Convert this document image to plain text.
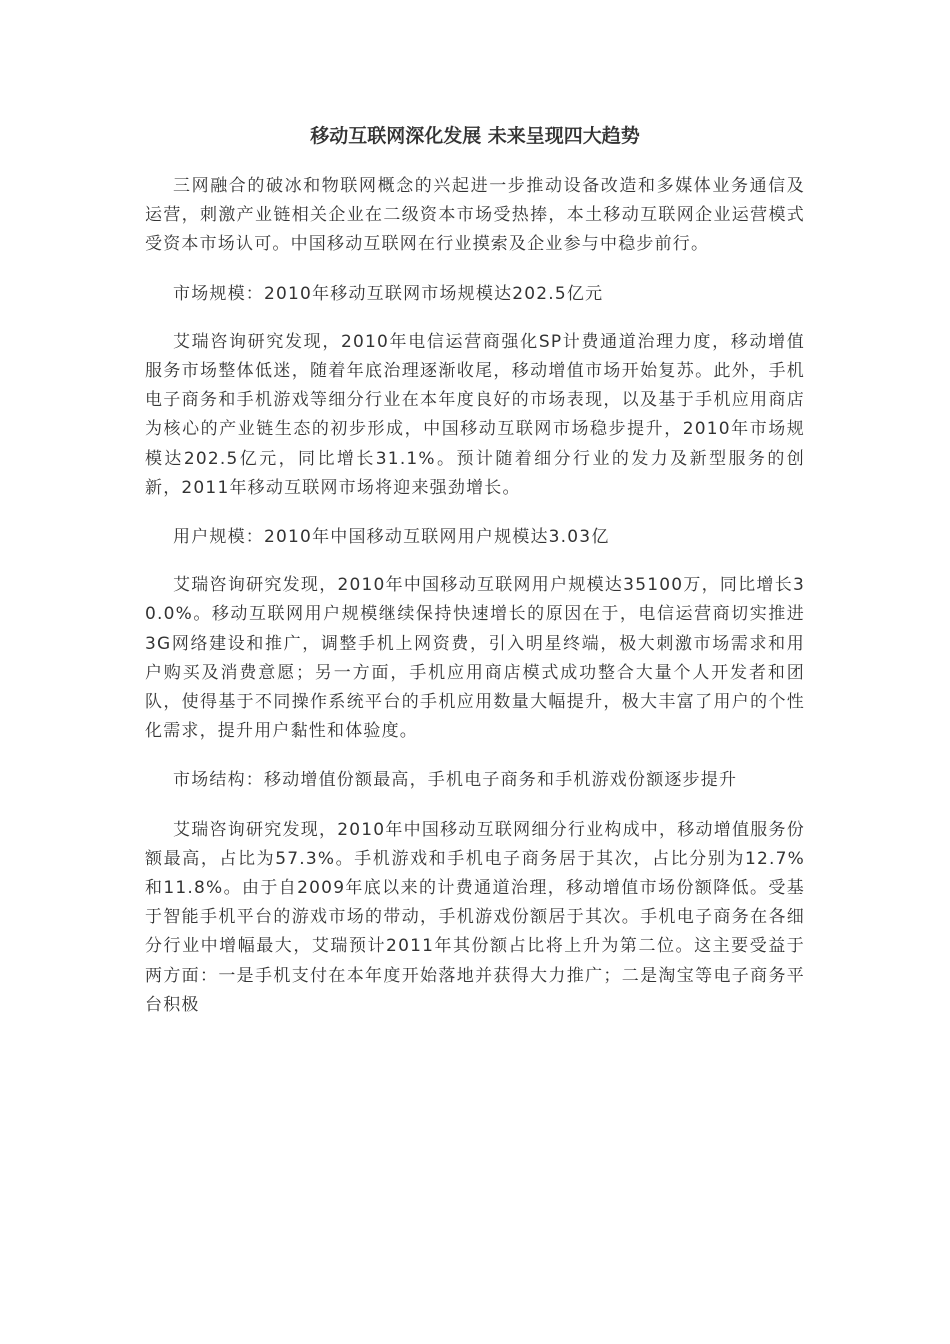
移动互联网深化发展 未来呈现四大趋势

三网融合的破冰和物联网概念的兴起进一步推动设备改造和多媒体业务通信及运营，刺激产业链相关企业在二级资本市场受热捧，本土移动互联网企业运营模式受资本市场认可。中国移动互联网在行业摸索及企业参与中稳步前行。

市场规模：2010年移动互联网市场规模达202.5亿元

艾瑞咨询研究发现，2010年电信运营商强化SP计费通道治理力度，移动增值服务市场整体低迷，随着年底治理逐渐收尾，移动增值市场开始复苏。此外，手机电子商务和手机游戏等细分行业在本年度良好的市场表现，以及基于手机应用商店为核心的产业链生态的初步形成，中国移动互联网市场稳步提升，2010年市场规模达202.5亿元，同比增长31.1%。预计随着细分行业的发力及新型服务的创新，2011年移动互联网市场将迎来强劲增长。

用户规模：2010年中国移动互联网用户规模达3.03亿

艾瑞咨询研究发现，2010年中国移动互联网用户规模达35100万，同比增长30.0%。移动互联网用户规模继续保持快速增长的原因在于，电信运营商切实推进3G网络建设和推广，调整手机上网资费，引入明星终端，极大刺激市场需求和用户购买及消费意愿；另一方面，手机应用商店模式成功整合大量个人开发者和团队，使得基于不同操作系统平台的手机应用数量大幅提升，极大丰富了用户的个性化需求，提升用户黏性和体验度。

市场结构：移动增值份额最高，手机电子商务和手机游戏份额逐步提升

艾瑞咨询研究发现，2010年中国移动互联网细分行业构成中，移动增值服务份额最高，占比为57.3%。手机游戏和手机电子商务居于其次，占比分别为12.7%和11.8%。由于自2009年底以来的计费通道治理，移动增值市场份额降低。受基于智能手机平台的游戏市场的带动，手机游戏份额居于其次。手机电子商务在各细分行业中增幅最大，艾瑞预计2011年其份额占比将上升为第二位。这主要受益于两方面：一是手机支付在本年度开始落地并获得大力推广；二是淘宝等电子商务平台积极
